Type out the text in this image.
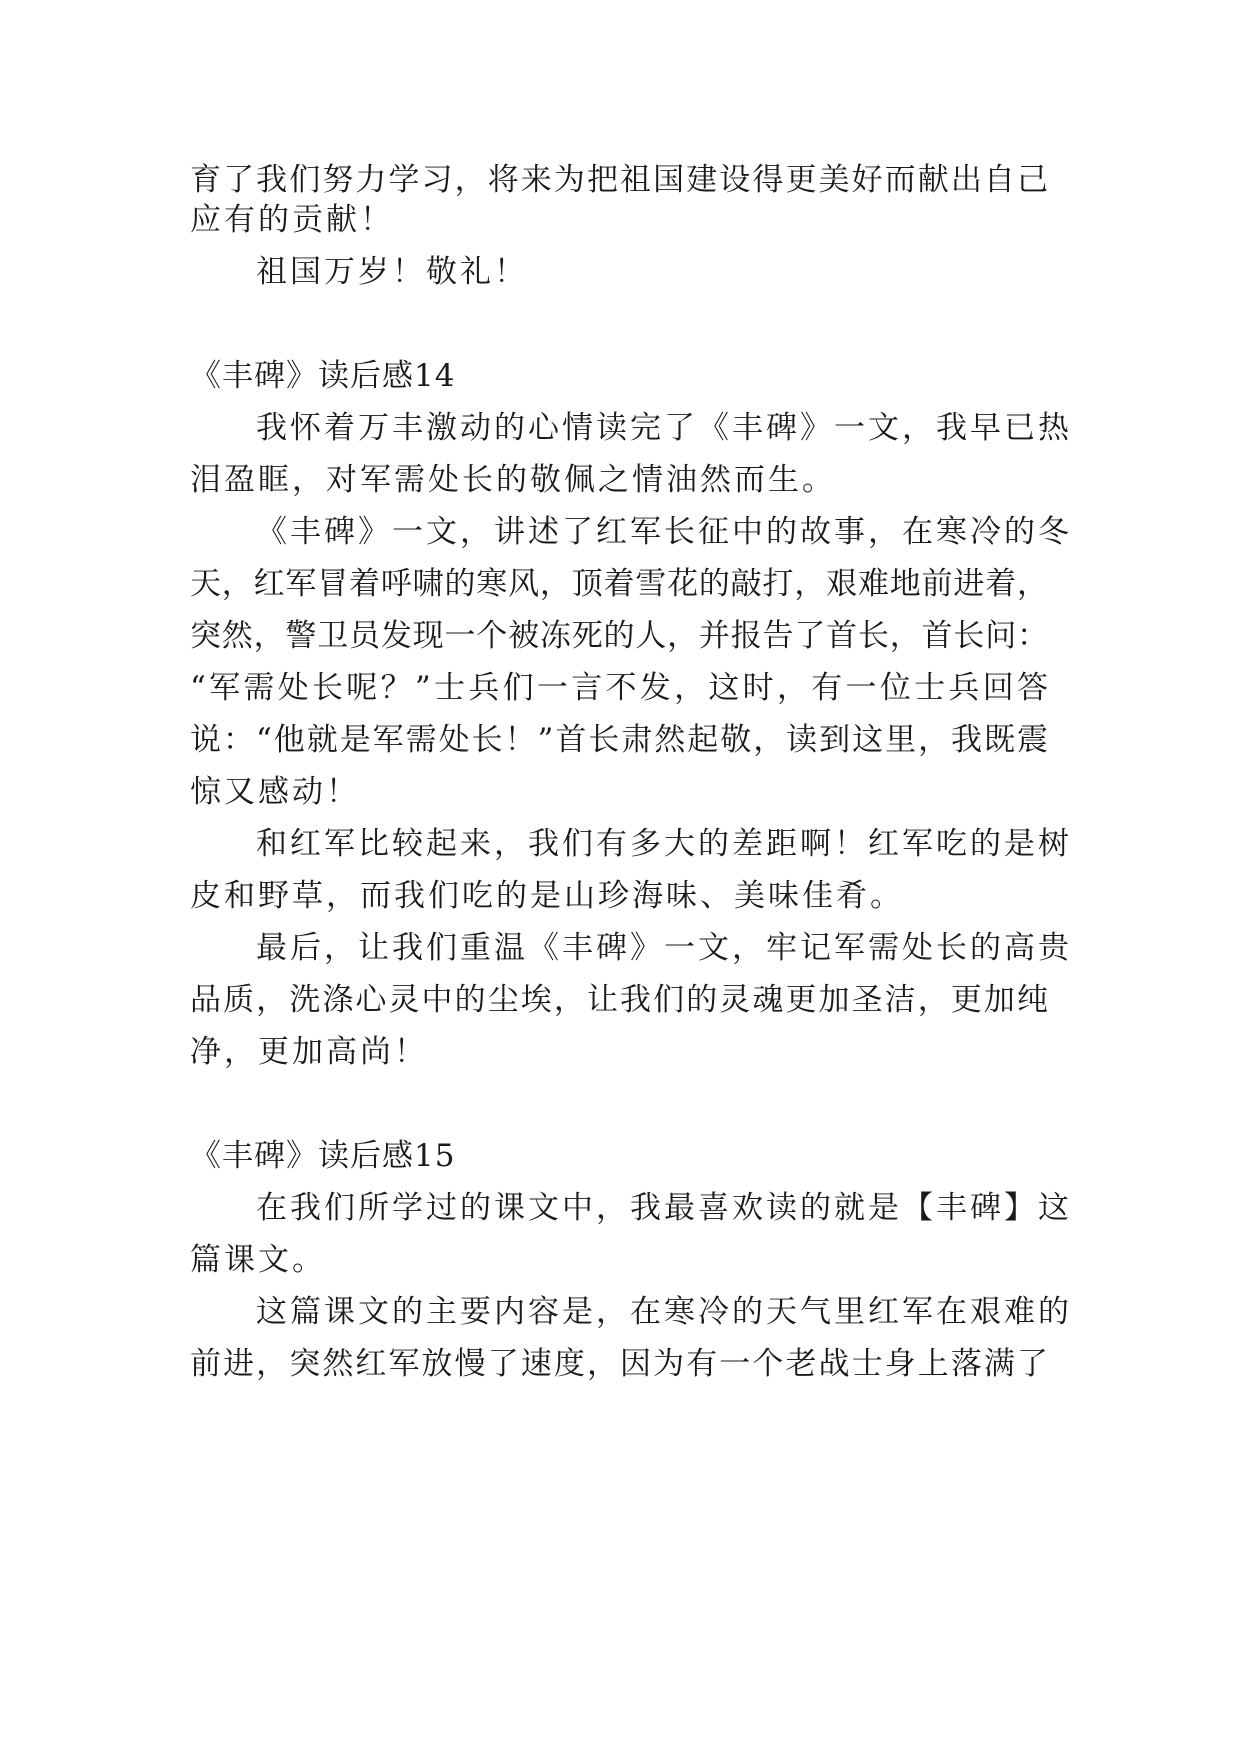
育了我们努力学习，将来为把祖国建设得更美好而献出自己
应有的贡献！
祖国万岁！敬礼！
《丰碑》读后感14
我怀着万丰激动的心情读完了《丰碑》一文，我早已热
泪盈眶，对军需处长的敬佩之情油然而生。
《丰碑》一文，讲述了红军长征中的故事，在寒冷的冬
天，红军冒着呼啸的寒风，顶着雪花的敲打，艰难地前进着，
突然，警卫员发现一个被冻死的人，并报告了首长，首长问：
“军需处长呢？”士兵们一言不发，这时，有一位士兵回答
说：“他就是军需处长！”首长肃然起敬，读到这里，我既震
惊又感动！
和红军比较起来，我们有多大的差距啊！红军吃的是树
皮和野草，而我们吃的是山珍海味、美味佳肴。
最后，让我们重温《丰碑》一文，牢记军需处长的高贵
品质，洗涤心灵中的尘埃，让我们的灵魂更加圣洁，更加纯
净，更加高尚！
《丰碑》读后感15
在我们所学过的课文中，我最喜欢读的就是【丰碑】这
篇课文。
这篇课文的主要内容是，在寒冷的天气里红军在艰难的
前进，突然红军放慢了速度，因为有一个老战士身上落满了
